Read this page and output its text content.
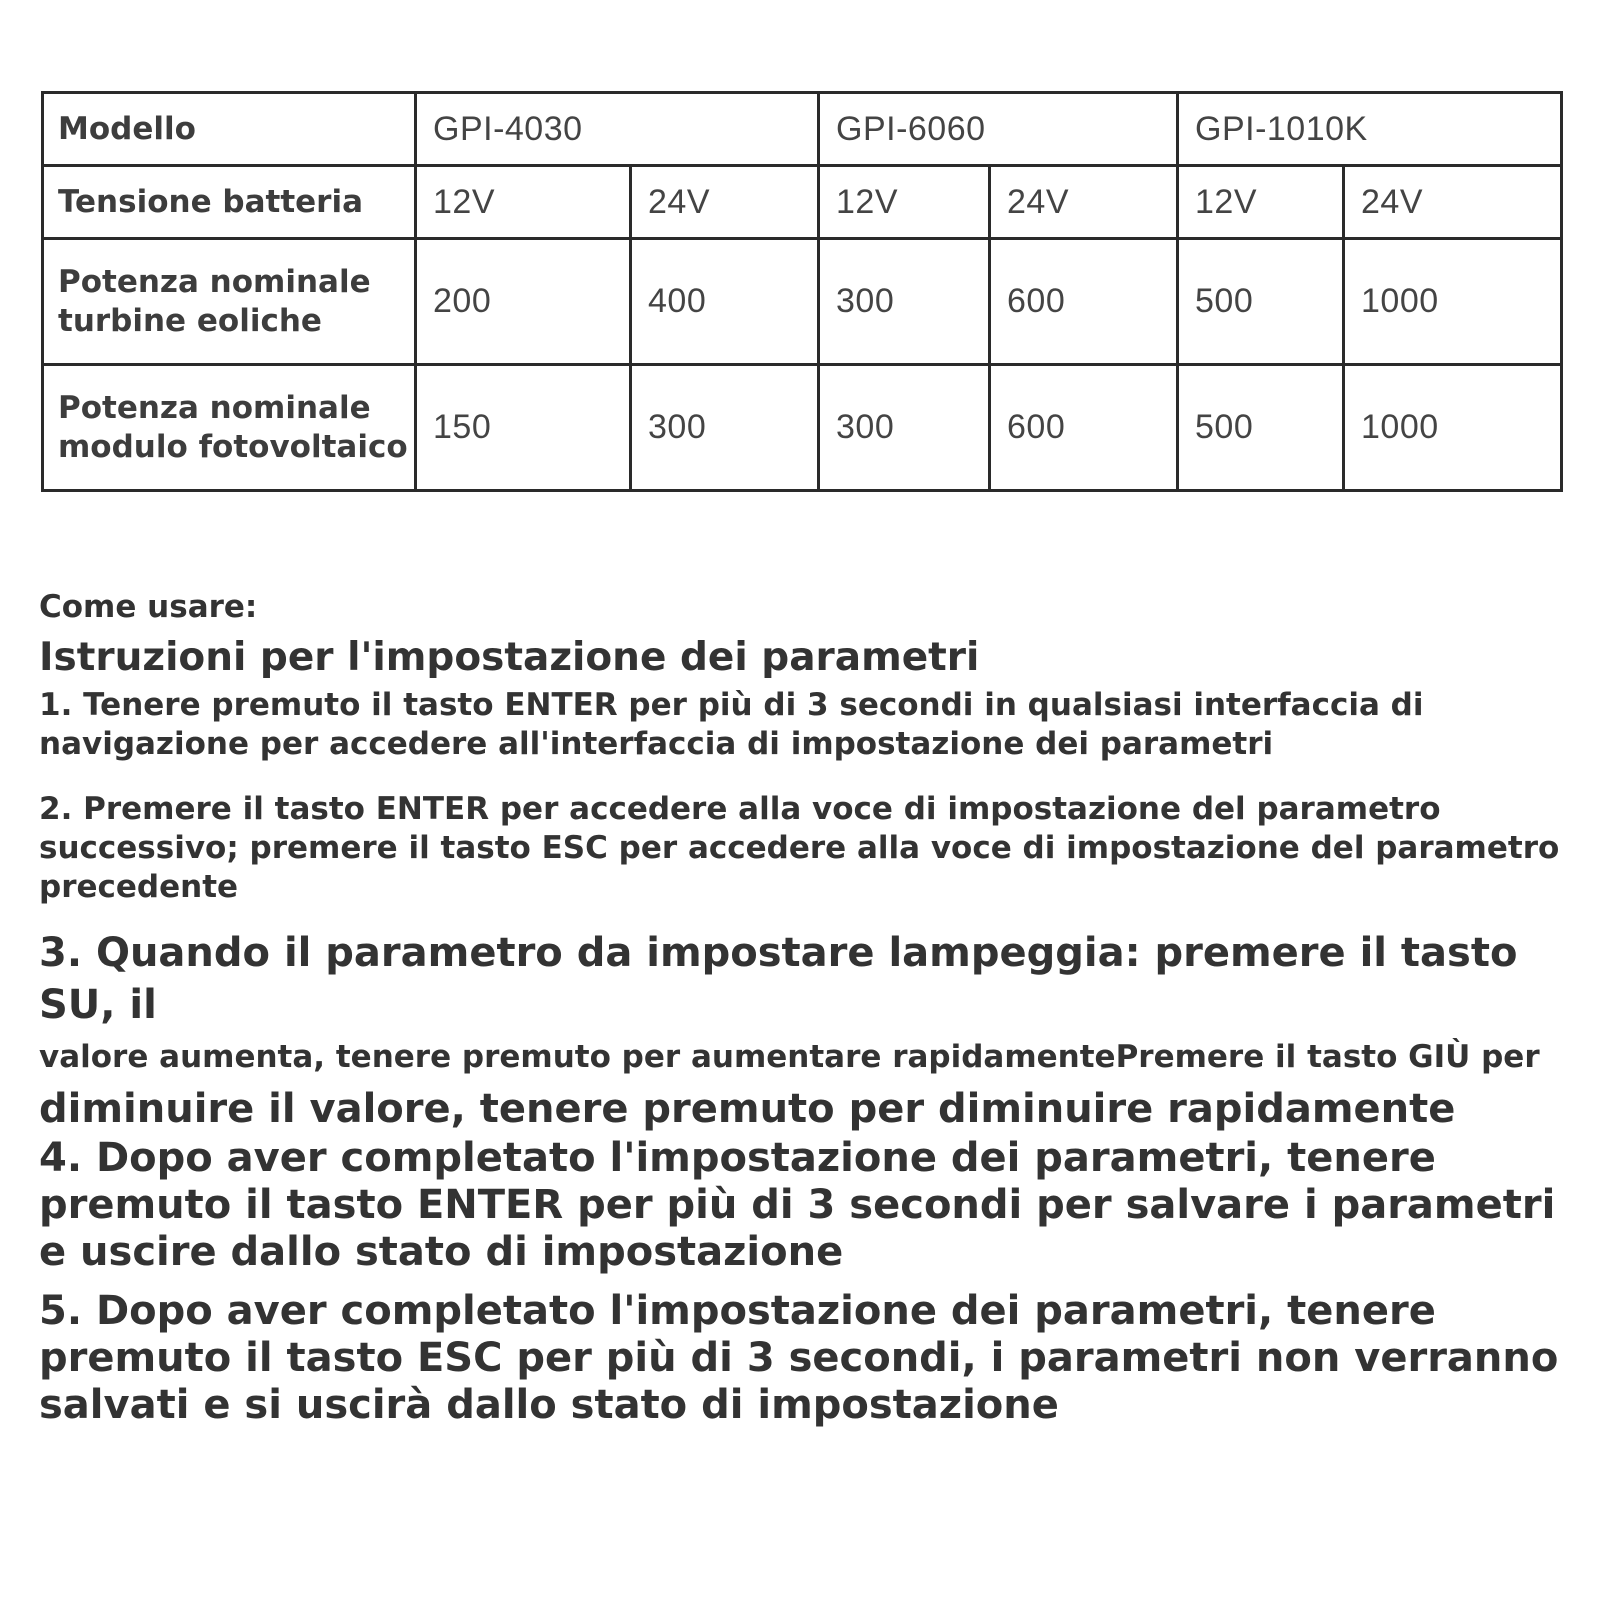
Modello	GPI-4030		GPI-6060		GPI-1010K	
Tensione batteria	12V	24V	12V	24V	12V	24V
Potenza nominale
turbine eoliche	200	400	300	600	500	1000
Potenza nominale
modulo fotovoltaico	150	300	300	600	500	1000

Come usare:

Istruzioni per l'impostazione dei parametri

1. Tenere premuto il tasto ENTER per più di 3 secondi in qualsiasi interfaccia di navigazione per accedere all'interfaccia di impostazione dei parametri

2. Premere il tasto ENTER per accedere alla voce di impostazione del parametro successivo; premere il tasto ESC per accedere alla voce di impostazione del parametro precedente

3. Quando il parametro da impostare lampeggia: premere il tasto SU, il
valore aumenta, tenere premuto per aumentare rapidamentePremere il tasto GIÙ per
diminuire il valore, tenere premuto per diminuire rapidamente

4. Dopo aver completato l'impostazione dei parametri, tenere premuto il tasto ENTER per più di 3 secondi per salvare i parametri e uscire dallo stato di impostazione

5. Dopo aver completato l'impostazione dei parametri, tenere premuto il tasto ESC per più di 3 secondi, i parametri non verranno salvati e si uscirà dallo stato di impostazione
